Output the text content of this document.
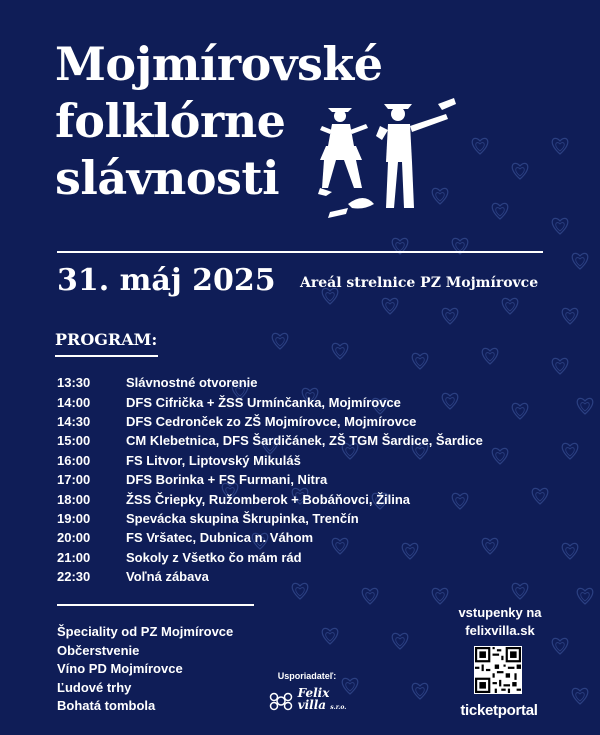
Mojmírovské
folklórne
slávnosti
31. máj 2025 Areál strelnice PZ Mojmírovce
PROGRAM:
13:30	Slávnostné otvorenie
14:00	DFS Cifrička + ŽSS Urmínčanka, Mojmírovce
14:30	DFS Cedronček zo ZŠ Mojmírovce, Mojmírovce
15:00	CM Klebetnica, DFS Šardičánek, ZŠ TGM Šardice, Šardice
16:00	FS Litvor, Liptovský Mikuláš
17:00	DFS Borinka + FS Furmani, Nitra
18:00	ŽSS Čriepky, Ružomberok + Bobáňovci, Žilina
19:00	Spevácka skupina Škrupinka, Trenčín
20:00	FS Vršatec, Dubnica n. Váhom
21:00	Sokoly z Všetko čo mám rád
22:30	Voľná zábava
Špeciality od PZ Mojmírovce
Občerstvenie
Víno PD Mojmírovce
Ľudové trhy
Bohatá tombola
Usporiadateľ:
Felix
villa s.r.o.
vstupenky na
felixvilla.sk
ticketportal
